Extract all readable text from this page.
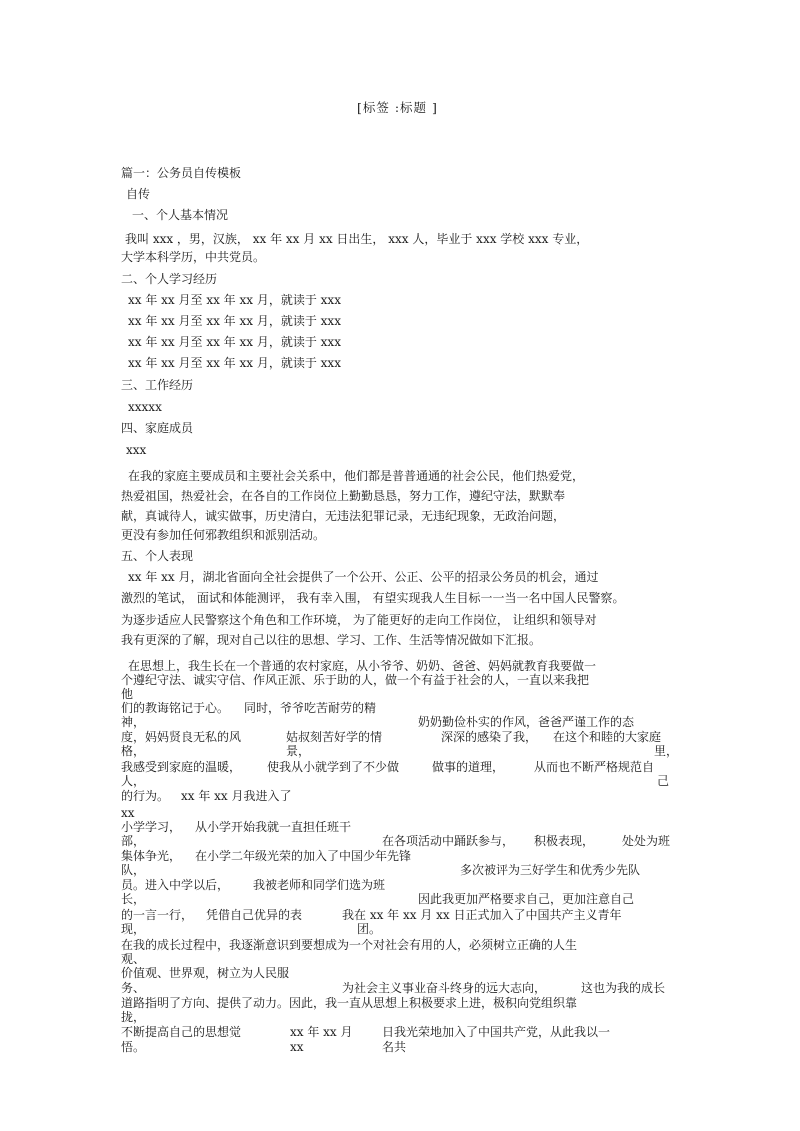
[标签 :标题 ]
篇一：公务员自传模板
自传
一、个人基本情况
我叫 xxx ，男，汉族， xx 年 xx 月 xx 日出生， xxx 人，毕业于 xxx 学校 xxx 专业，
大学本科学历，中共党员。
二、个人学习经历
xx 年 xx 月至 xx 年 xx 月，就读于 xxx
xx 年 xx 月至 xx 年 xx 月，就读于 xxx
xx 年 xx 月至 xx 年 xx 月，就读于 xxx
xx 年 xx 月至 xx 年 xx 月，就读于 xxx
三、工作经历
xxxxx
四、家庭成员
xxx
在我的家庭主要成员和主要社会关系中，他们都是普普通通的社会公民，他们热爱党，
热爱祖国，热爱社会，在各自的工作岗位上勤勤恳恳，努力工作，遵纪守法，默默奉
献，真诚待人，诚实做事，历史清白，无违法犯罪记录，无违纪现象，无政治问题，
更没有参加任何邪教组织和派别活动。
五、个人表现
xx 年 xx 月，湖北省面向全社会提供了一个公开、公正、公平的招录公务员的机会，通过
激烈的笔试， 面试和体能测评， 我有幸入围， 有望实现我人生目标一一当一名中国人民警察。
为逐步适应人民警察这个角色和工作环境， 为了能更好的走向工作岗位， 让组织和领导对
我有更深的了解，现对自己以往的思想、学习、工作、生活等情况做如下汇报。
在思想上，我生长在一个普通的农村家庭，从小爷爷、奶奶、爸爸、妈妈就教育我要做一
个遵纪守法、诚实守信、作风正派、乐于助的人，做一个有益于社会的人，一直以来我把
他
们的教诲铭记于心。 同时，爷爷吃苦耐劳的精
神，	奶奶勤俭朴实的作风，爸爸严谨工作的态
度，妈妈贤良无私的风	姑叔刻苦好学的情	深深的感染了我， 在这个和睦的大家庭
格，	景，	里，
我感受到家庭的温暖， 使我从小就学到了不少做	做事的道理， 从而也不断严格规范自
人，	己
的行为。 xx 年 xx 月我进入了
xx
小学学习， 从小学开始我就一直担任班干
部，	在各项活动中踊跃参与， 积极表现， 处处为班
集体争光， 在小学二年级光荣的加入了中国少年先锋
队，	多次被评为三好学生和优秀少先队
员。进入中学以后， 我被老师和同学们选为班
长，	因此我更加严格要求自己，更加注意自己
的一言一行， 凭借自己优异的表	我在 xx 年 xx 月 xx 日正式加入了中国共产主义青年
现，	团。
在我的成长过程中，我逐渐意识到要想成为一个对社会有用的人，必须树立正确的人生
观、
价值观、世界观，树立为人民服
务、	为社会主义事业奋斗终身的远大志向，	这也为我的成长
道路指明了方向、提供了动力。因此，我一直从思想上积极要求上进，极积向党组织靠
拢，
不断提高自己的思想觉	xx 年 xx 月 日我光荣地加入了中国共产党，从此我以一
悟。	xx	名共
